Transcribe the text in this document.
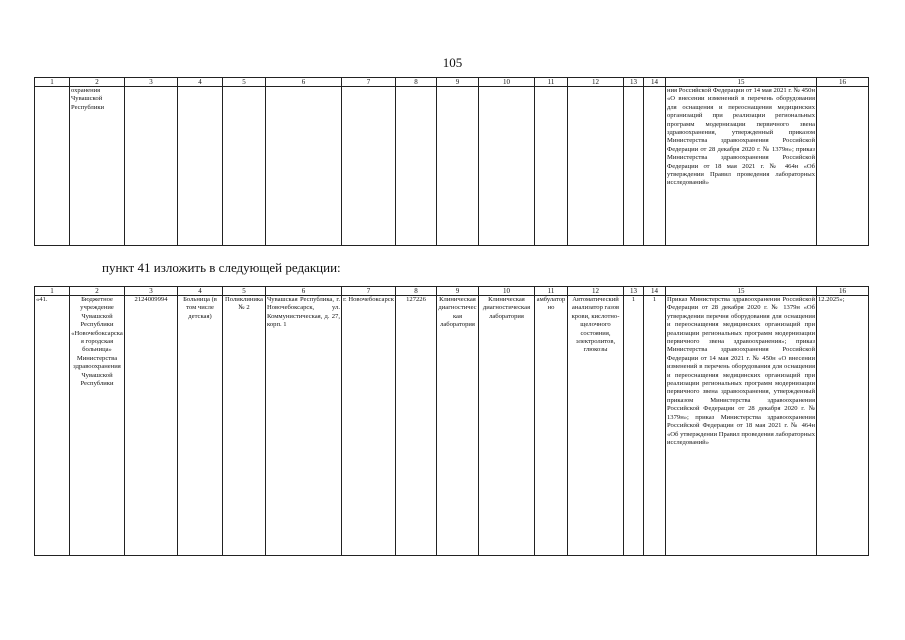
105
1	2	3	4	5	6	7	8	9	10	11	12	13	14	15	16
	охранения Чувашской Республики													ния Российской Федерации от 14 мая 2021 г. № 450н «О внесении изменений в перечень оборудования для оснащения и переоснащения медицинских организаций при реализации региональных программ модернизации первичного звена здравоохранения, утвержденный приказом Министерства здравоохранения Российской Федерации от 28 декабря 2020 г. № 1379н»; приказ Министерства здравоохранения Российской Федерации от 18 мая 2021 г. № 464н «Об утверждении Правил проведения лабораторных исследований»	
пункт 41 изложить в следующей редакции:
1	2	3	4	5	6	7	8	9	10	11	12	13	14	15	16
«41.	Бюджетное учреждение Чувашской Республики «Новочебоксарская городская больница» Министерства здравоохранения Чувашской Республики	2124009994	Больница (в том числе детская)	Поликлиника № 2	Чувашская Республика, г. Новочебоксарск, ул. Коммунистическая, д. 27, корп. 1	г. Новочебоксарск	127226	Клиническая диагностическая лаборатория	Клиническая диагностическая лаборатория	амбулаторно	Автоматический анализатор газов крови, кислотно-щелочного состояния, электролитов, глюкозы	1	1	Приказ Министерства здравоохранения Российской Федерации от 28 декабря 2020 г. № 1379н «Об утверждении перечня оборудования для оснащения и переоснащения медицинских организаций при реализации региональных программ модернизации первичного звена здравоохранения»; приказ Министерства здравоохранения Российской Федерации от 14 мая 2021 г. № 450н «О внесении изменений в перечень оборудования для оснащения и переоснащения медицинских организаций при реализации региональных программ модернизации первичного звена здравоохранения, утвержденный приказом Министерства здравоохранения Российской Федерации от 28 декабря 2020 г. № 1379н»; приказ Министерства здравоохранения Российской Федерации от 18 мая 2021 г. № 464н «Об утверждении Правил проведения лабораторных исследований»	12.2025»;
